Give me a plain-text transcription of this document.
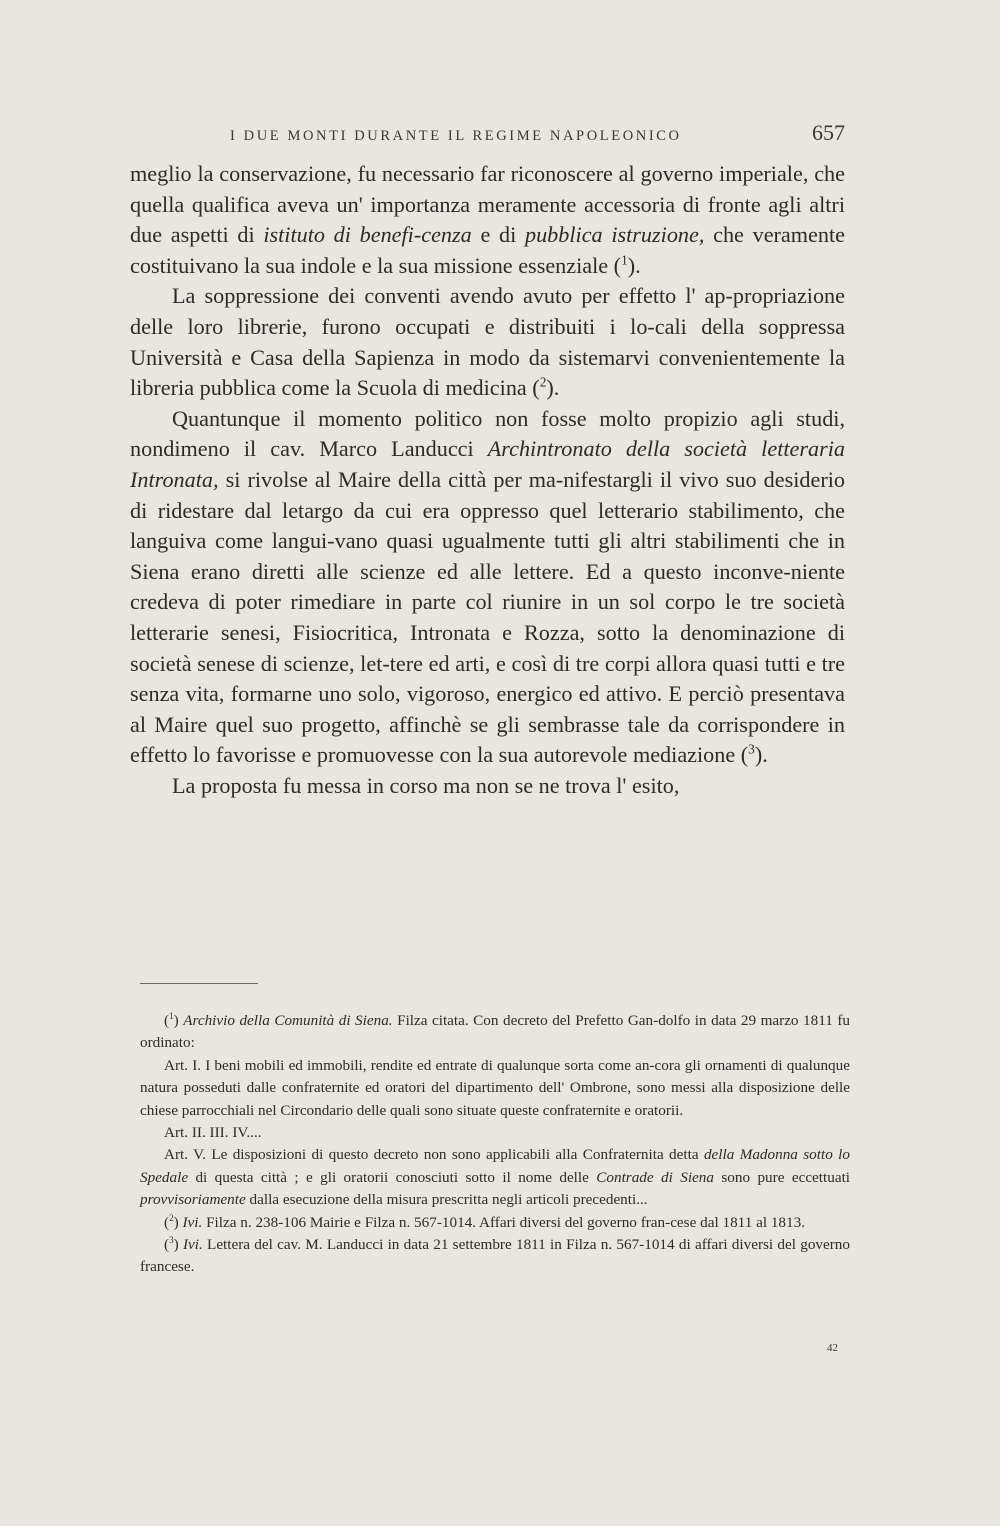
I DUE MONTI DURANTE IL REGIME NAPOLEONICO	657

meglio la conservazione, fu necessario far riconoscere al governo imperiale, che quella qualifica aveva un' importanza meramente accessoria di fronte agli altri due aspetti di istituto di benefi-cenza e di pubblica istruzione, che veramente costituivano la sua indole e la sua missione essenziale ($^1$).

La soppressione dei conventi avendo avuto per effetto l' ap-propriazione delle loro librerie, furono occupati e distribuiti i lo-cali della soppressa Università e Casa della Sapienza in modo da sistemarvi convenientemente la libreria pubblica come la Scuola di medicina ($^2$).

Quantunque il momento politico non fosse molto propizio agli studi, nondimeno il cav. Marco Landucci Archintronato della società letteraria Intronata, si rivolse al Maire della città per ma-nifestargli il vivo suo desiderio di ridestare dal letargo da cui era oppresso quel letterario stabilimento, che languiva come langui-vano quasi ugualmente tutti gli altri stabilimenti che in Siena erano diretti alle scienze ed alle lettere. Ed a questo inconve-niente credeva di poter rimediare in parte col riunire in un sol corpo le tre società letterarie senesi, Fisiocritica, Intronata e Rozza, sotto la denominazione di società senese di scienze, let-tere ed arti, e così di tre corpi allora quasi tutti e tre senza vita, formarne uno solo, vigoroso, energico ed attivo. E perciò presentava al Maire quel suo progetto, affinchè se gli sembrasse tale da corrispondere in effetto lo favorisse e promuovesse con la sua autorevole mediazione ($^3$).

La proposta fu messa in corso ma non se ne trova l' esito,

($^1$) Archivio della Comunità di Siena. Filza citata. Con decreto del Prefetto Gan-dolfo in data 29 marzo 1811 fu ordinato:

Art. I. I beni mobili ed immobili, rendite ed entrate di qualunque sorta come an-cora gli ornamenti di qualunque natura posseduti dalle confraternite ed oratori del dipartimento dell' Ombrone, sono messi alla disposizione delle chiese parrocchiali nel Circondario delle quali sono situate queste confraternite e oratorii.

Art. II. III. IV....

Art. V. Le disposizioni di questo decreto non sono applicabili alla Confraternita detta della Madonna sotto lo Spedale di questa città ; e gli oratorii conosciuti sotto il nome delle Contrade di Siena sono pure eccettuati provvisoriamente dalla esecuzione della misura prescritta negli articoli precedenti...

($^2$) Ivi. Filza n. 238-106 Mairie e Filza n. 567-1014. Affari diversi del governo fran-cese dal 1811 al 1813.

($^3$) Ivi. Lettera del cav. M. Landucci in data 21 settembre 1811 in Filza n. 567-1014 di affari diversi del governo francese.

42
